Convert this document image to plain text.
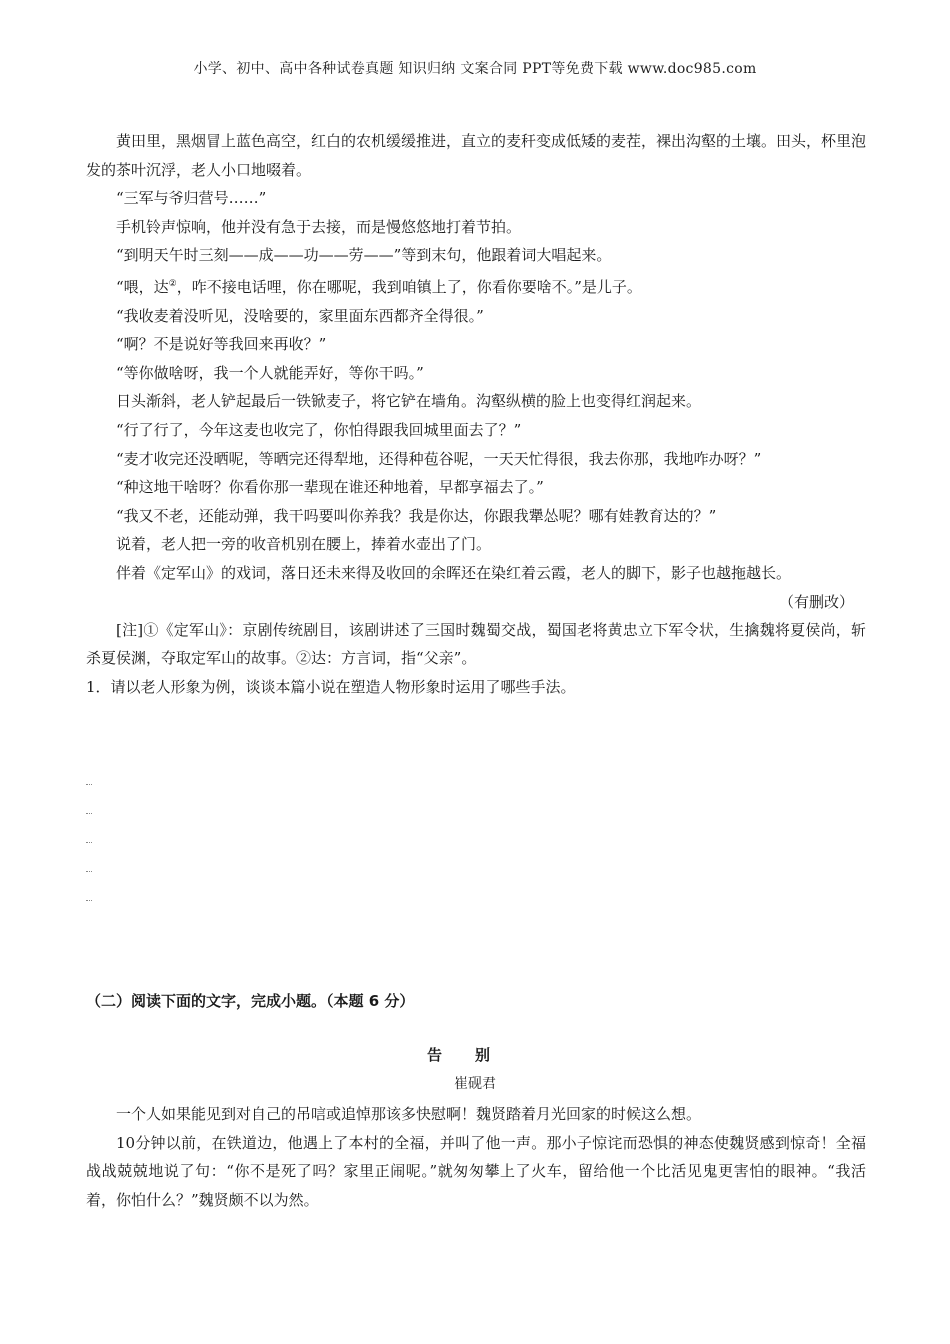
小学、初中、高中各种试卷真题 知识归纳 文案合同 PPT等免费下载 www.doc985.com

黄田里，黑烟冒上蓝色高空，红白的农机缓缓推进，直立的麦秆变成低矮的麦茬，裸出沟壑的土壤。田头，杯里泡发的茶叶沉浮，老人小口地啜着。

“三军与爷归营号……”

手机铃声惊响，他并没有急于去接，而是慢悠悠地打着节拍。

“到明天午时三刻——成——功——劳——”等到末句，他跟着词大唱起来。

“喂，达②，咋不接电话哩，你在哪呢，我到咱镇上了，你看你要啥不。”是儿子。

“我收麦着没听见，没啥要的，家里面东西都齐全得很。”

“啊？不是说好等我回来再收？”

“等你做啥呀，我一个人就能弄好，等你干吗。”

日头渐斜，老人铲起最后一铁锨麦子，将它铲在墙角。沟壑纵横的脸上也变得红润起来。

“行了行了，今年这麦也收完了，你怕得跟我回城里面去了？”

“麦才收完还没晒呢，等晒完还得犁地，还得种苞谷呢，一天天忙得很，我去你那，我地咋办呀？”

“种这地干啥呀？你看你那一辈现在谁还种地着，早都享福去了。”

“我又不老，还能动弹，我干吗要叫你养我？我是你达，你跟我犟怂呢？哪有娃教育达的？”

说着，老人把一旁的收音机别在腰上，捧着水壶出了门。

伴着《定军山》的戏词，落日还未来得及收回的余晖还在染红着云霞，老人的脚下，影子也越拖越长。

（有删改）

[注]①《定军山》：京剧传统剧目，该剧讲述了三国时魏蜀交战，蜀国老将黄忠立下军令状，生擒魏将夏侯尚，斩杀夏侯渊，夺取定军山的故事。②达：方言词，指“父亲”。

1．请以老人形象为例，谈谈本篇小说在塑造人物形象时运用了哪些手法。

（二）阅读下面的文字，完成小题。（本题 6 分）
告别
崔砚君

一个人如果能见到对自己的吊唁或追悼那该多快慰啊！魏贤踏着月光回家的时候这么想。

10分钟以前，在铁道边，他遇上了本村的全福，并叫了他一声。那小子惊诧而恐惧的神态使魏贤感到惊奇！全福战战兢兢地说了句：“你不是死了吗？家里正闹呢。”就匆匆攀上了火车，留给他一个比活见鬼更害怕的眼神。“我活着，你怕什么？”魏贤颇不以为然。
